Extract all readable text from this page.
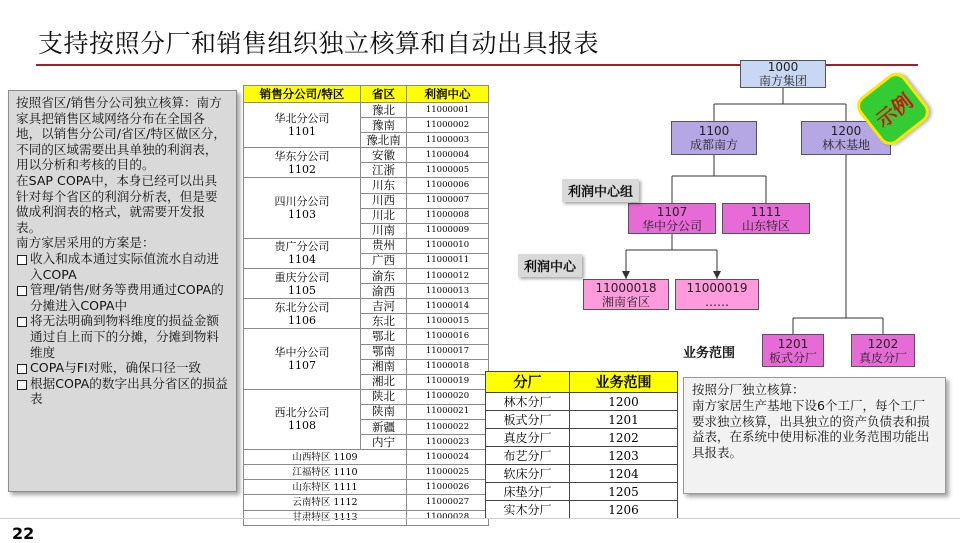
支持按照分厂和销售组织独立核算和自动出具报表

按照省区/销售分公司独立核算：南方家具把销售区域网络分布在全国各地，以销售分公司/省区/特区做区分，不同的区域需要出具单独的利润表，用以分析和考核的目的。

在SAP COPA中，本身已经可以出具针对每个省区的利润分析表，但是要做成利润表的格式，就需要开发报表。

南方家居采用的方案是：

收入和成本通过实际值流水自动进入COPA

管理/销售/财务等费用通过COPA的分摊进入COPA中

将无法明确到物料维度的损益金额通过自上而下的分摊，分摊到物料维度

COPA与FI对账，确保口径一致

根据COPA的数字出具分省区的损益表

销售分公司/特区	省区	利润中心	

华北分公司
1101	豫北	11000001	
	豫南	11000002	
	豫北南	11000003	

华东分公司
1102	安徽	11000004	
	江浙	11000005	

四川分公司
1103	川东	11000006	
	川西	11000007	
	川北	11000008	
	川南	11000009	

贵广分公司
1104	贵州	11000010	
	广西	11000011	

重庆分公司
1105	渝东	11000012	
	渝西	11000013	

东北分公司
1106	吉河	11000014	
	东北	11000015	

华中分公司
1107	鄂北	11000016	
	鄂南	11000017	
	湘南	11000018	
	湘北	11000019	

西北分公司
1108	陕北	11000020	
	陕南	11000021	
	新疆	11000022	
	内宁	11000023	
山西特区 1109		11000024	
江福特区 1110		11000025	
山东特区 1111		11000026	
云南特区 1112		11000027	

1000
南方集团
1100
成都南方
1200
林木基地
1107
华中分公司
1111
山东特区
11000018
湘南省区
11000019
……
1201
板式分厂
1202
真皮分厂
利润中心组
利润中心
业务范围
示例
分厂	业务范围
林木分厂	1200
板式分厂	1201
真皮分厂	1202
布艺分厂	1203
软床分厂	1204
床垫分厂	1205
实木分厂	1206
按照分厂独立核算：
南方家居生产基地下设6个工厂，每个工厂要求独立核算，出具独立的资产负债表和损益表，在系统中使用标准的业务范围功能出具报表。
22
